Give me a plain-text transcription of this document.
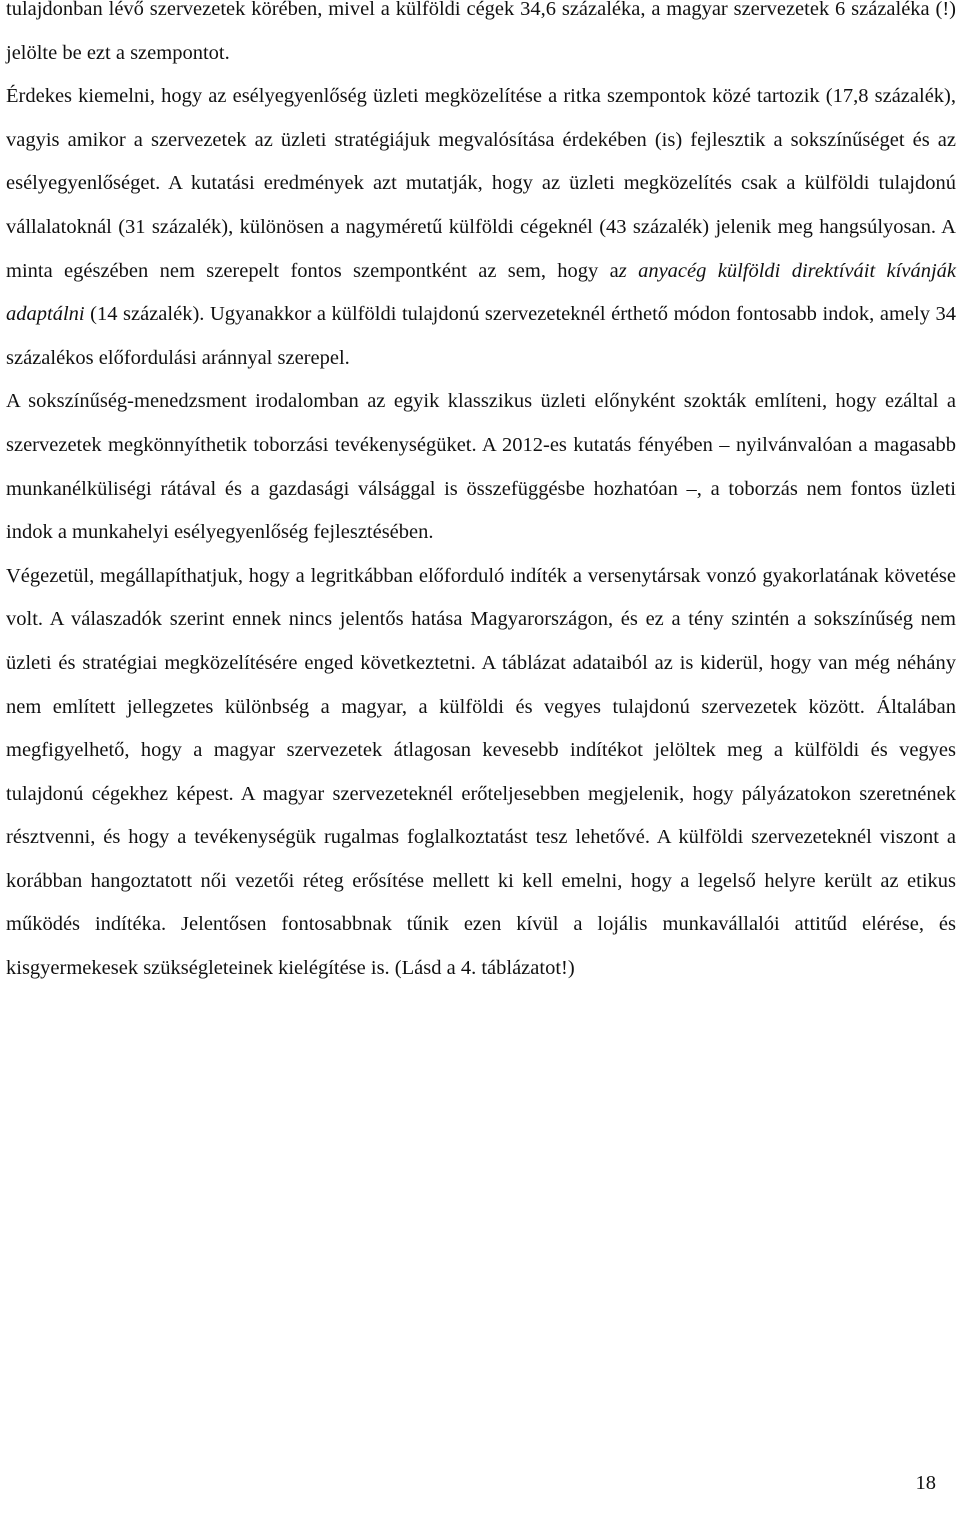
tulajdonban lévő szervezetek körében, mivel a külföldi cégek 34,6 százaléka, a magyar szervezetek 6 százaléka (!) jelölte be ezt a szempontot.

Érdekes kiemelni, hogy az esélyegyenlőség üzleti megközelítése a ritka szempontok közé tartozik (17,8 százalék), vagyis amikor a szervezetek az üzleti stratégiájuk megvalósítása érdekében (is) fejlesztik a sokszínűséget és az esélyegyenlőséget. A kutatási eredmények azt mutatják, hogy az üzleti megközelítés csak a külföldi tulajdonú vállalatoknál (31 százalék), különösen a nagyméretű külföldi cégeknél (43 százalék) jelenik meg hangsúlyosan. A minta egészében nem szerepelt fontos szempontként az sem, hogy az anyacég külföldi direktíváit kívánják adaptálni (14 százalék). Ugyanakkor a külföldi tulajdonú szervezeteknél érthető módon fontosabb indok, amely 34 százalékos előfordulási aránnyal szerepel.

A sokszínűség-menedzsment irodalomban az egyik klasszikus üzleti előnyként szokták említeni, hogy ezáltal a szervezetek megkönnyíthetik toborzási tevékenységüket. A 2012-es kutatás fényében – nyilvánvalóan a magasabb munkanélküliségi rátával és a gazdasági válsággal is összefüggésbe hozhatóan –, a toborzás nem fontos üzleti indok a munkahelyi esélyegyenlőség fejlesztésében.

Végezetül, megállapíthatjuk, hogy a legritkábban előforduló indíték a versenytársak vonzó gyakorlatának követése volt. A válaszadók szerint ennek nincs jelentős hatása Magyarországon, és ez a tény szintén a sokszínűség nem üzleti és stratégiai megközelítésére enged következtetni. A táblázat adataiból az is kiderül, hogy van még néhány nem említett jellegzetes különbség a magyar, a külföldi és vegyes tulajdonú szervezetek között. Általában megfigyelhető, hogy a magyar szervezetek átlagosan kevesebb indítékot jelöltek meg a külföldi és vegyes tulajdonú cégekhez képest. A magyar szervezeteknél erőteljesebben megjelenik, hogy pályázatokon szeretnének résztvenni, és hogy a tevékenységük rugalmas foglalkoztatást tesz lehetővé. A külföldi szervezeteknél viszont a korábban hangoztatott női vezetői réteg erősítése mellett ki kell emelni, hogy a legelső helyre került az etikus működés indítéka. Jelentősen fontosabbnak tűnik ezen kívül a lojális munkavállalói attitűd elérése, és kisgyermekesek szükségleteinek kielégítése is. (Lásd a 4. táblázatot!)

18
